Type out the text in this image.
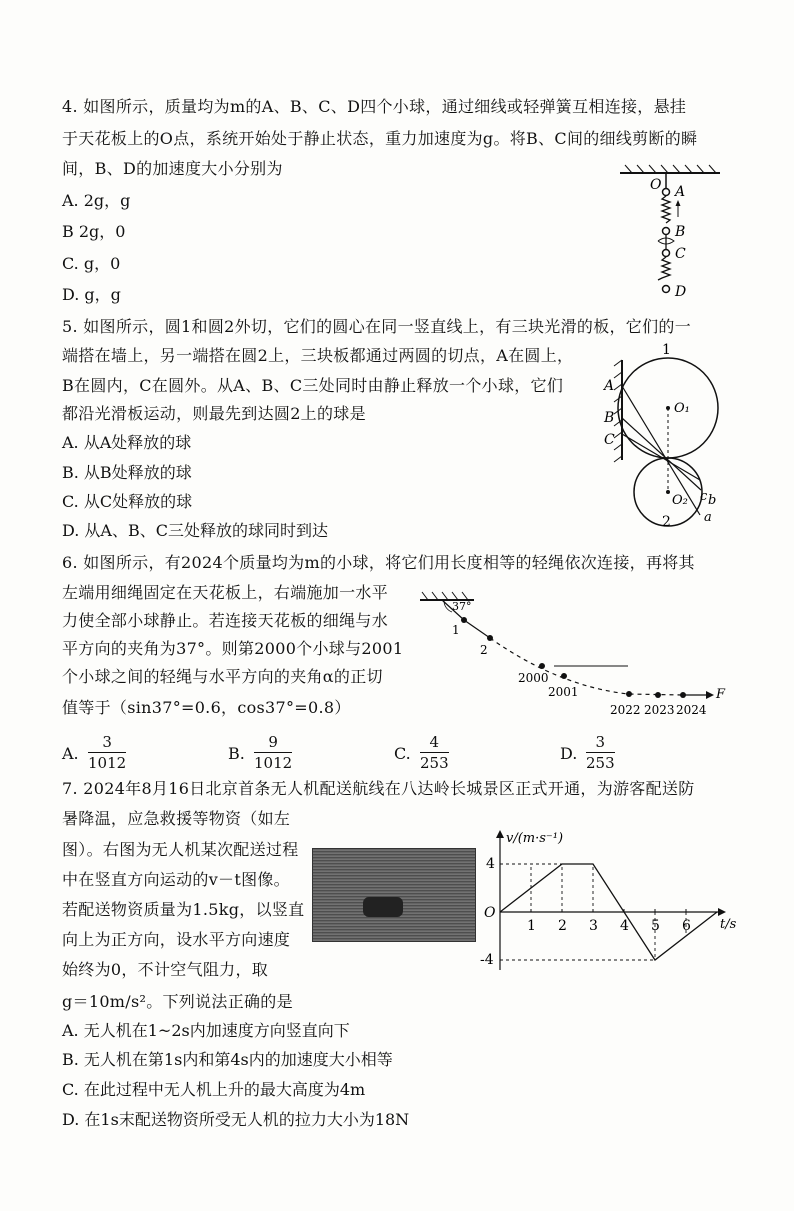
4. 如图所示，质量均为m的A、B、C、D四个小球，通过细线或轻弹簧互相连接，悬挂
于天花板上的O点，系统开始处于静止状态，重力加速度为g。将B、C间的细线剪断的瞬
间，B、D的加速度大小分别为
A. 2g，g
B 2g，0
C. g，0
D. g，g
O A
B
C
D
5. 如图所示，圆1和圆2外切，它们的圆心在同一竖直线上，有三块光滑的板，它们的一
端搭在墙上，另一端搭在圆2上，三块板都通过两圆的切点，A在圆上，
B在圆内，C在圆外。从A、B、C三处同时由静止释放一个小球，它们
都沿光滑板运动，则最先到达圆2上的球是
A. 从A处释放的球
B. 从B处释放的球
C. 从C处释放的球
D. 从A、B、C三处释放的球同时到达
1
O₁
A
B
C
c
O₂ b
a
2
6. 如图所示，有2024个质量均为m的小球，将它们用长度相等的轻绳依次连接，再将其
左端用细绳固定在天花板上，右端施加一水平
力使全部小球静止。若连接天花板的细绳与水
平方向的夹角为37°。则第2000个小球与2001
个小球之间的轻绳与水平方向的夹角α的正切
值等于（sin37°=0.6，cos37°=0.8）
A. $\frac{3}{1012}$	B. $\frac{9}{1012}$	C. $\frac{4}{253}$	D. $\frac{3}{253}$
37°
1
2
2000
2001
2022 2023 2024
F
7. 2024年8月16日北京首条无人机配送航线在八达岭长城景区正式开通，为游客配送防
暑降温，应急救援等物资（如左
图）。右图为无人机某次配送过程
中在竖直方向运动的v－t图像。
若配送物资质量为1.5kg，以竖直
向上为正方向，设水平方向速度
始终为0，不计空气阻力，取
g＝10m/s²。下列说法正确的是
A. 无人机在1~2s内加速度方向竖直向下
B. 无人机在第1s内和第4s内的加速度大小相等
C. 在此过程中无人机上升的最大高度为4m
D. 在1s末配送物资所受无人机的拉力大小为18N
v/(m·s⁻¹)
t/s
O
4
-4
1 2 3 4 5 6
